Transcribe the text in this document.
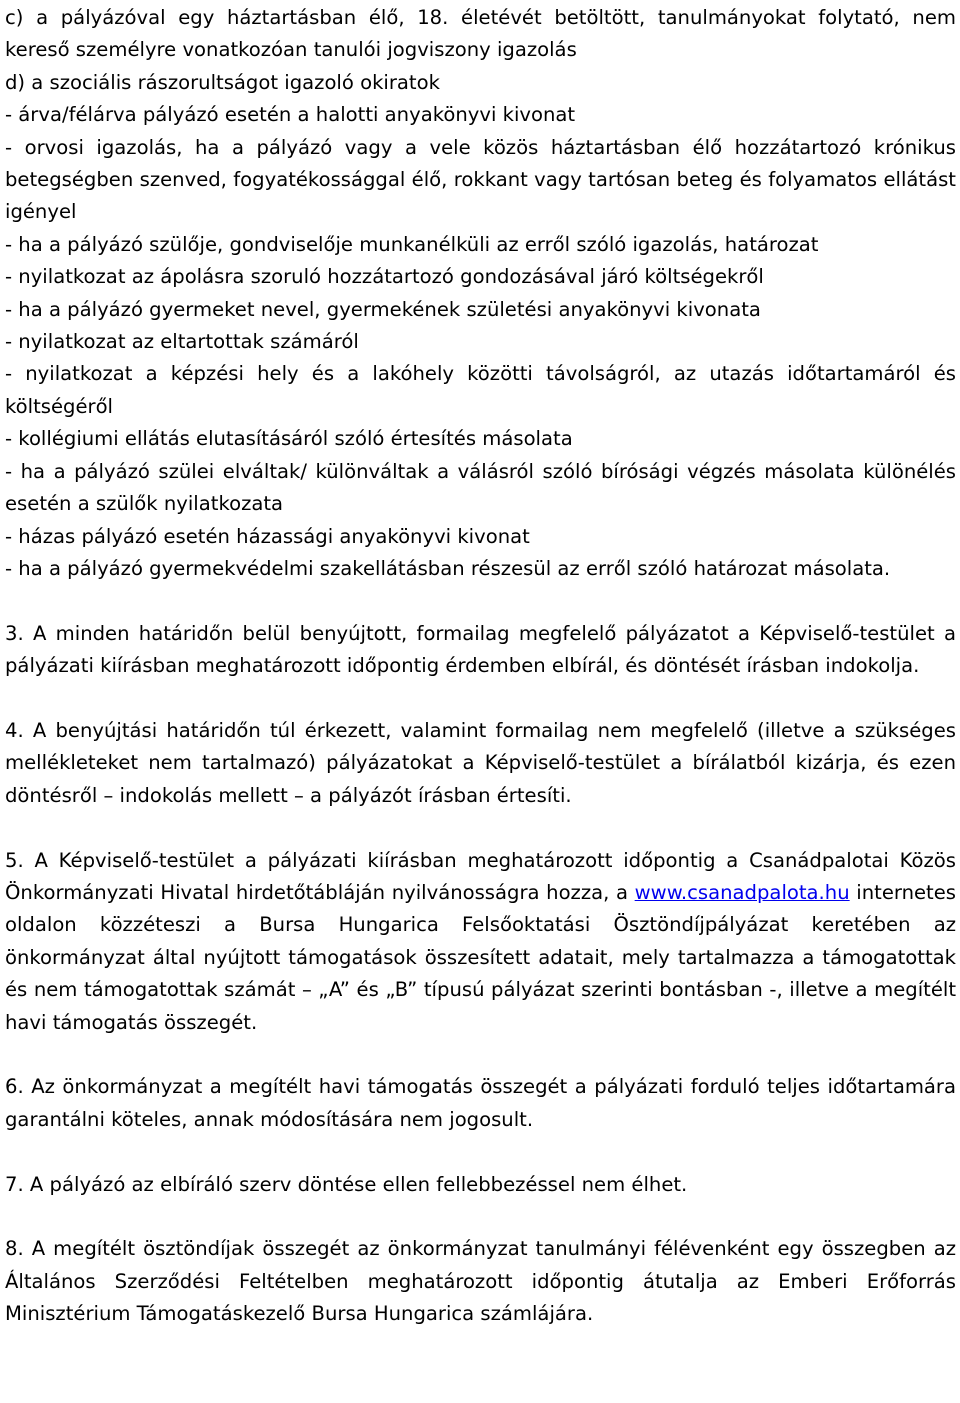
c) a pályázóval egy háztartásban élő, 18. életévét betöltött, tanulmányokat folytató, nem kereső személyre vonatkozóan tanulói jogviszony igazolás
d) a szociális rászorultságot igazoló okiratok
- árva/félárva pályázó esetén a halotti anyakönyvi kivonat
- orvosi igazolás, ha a pályázó vagy a vele közös háztartásban élő hozzátartozó krónikus betegségben szenved, fogyatékossággal élő, rokkant vagy tartósan beteg és folyamatos ellátást igényel
- ha a pályázó szülője, gondviselője munkanélküli az erről szóló igazolás, határozat
- nyilatkozat az ápolásra szoruló hozzátartozó gondozásával járó költségekről
- ha a pályázó gyermeket nevel, gyermekének születési anyakönyvi kivonata
- nyilatkozat az eltartottak számáról
- nyilatkozat a képzési hely és a lakóhely közötti távolságról, az utazás időtartamáról és költségéről
- kollégiumi ellátás elutasításáról szóló értesítés másolata
- ha a pályázó szülei elváltak/ különváltak a válásról szóló bírósági végzés másolata különélés esetén a szülők nyilatkozata
- házas pályázó esetén házassági anyakönyvi kivonat
- ha a pályázó gyermekvédelmi szakellátásban részesül az erről szóló határozat másolata.
3. A minden határidőn belül benyújtott, formailag megfelelő pályázatot a Képviselő-testület a pályázati kiírásban meghatározott időpontig érdemben elbírál, és döntését írásban indokolja.
4. A benyújtási határidőn túl érkezett, valamint formailag nem megfelelő (illetve a szükséges mellékleteket nem tartalmazó) pályázatokat a Képviselő-testület a bírálatból kizárja, és ezen döntésről – indokolás mellett – a pályázót írásban értesíti.
5. A Képviselő-testület a pályázati kiírásban meghatározott időpontig a Csanádpalotai Közös Önkormányzati Hivatal hirdetőtábláján nyilvánosságra hozza, a www.csanadpalota.hu internetes oldalon közzéteszi a Bursa Hungarica Felsőoktatási Ösztöndíjpályázat keretében az önkormányzat által nyújtott támogatások összesített adatait, mely tartalmazza a támogatottak és nem támogatottak számát – „A” és „B” típusú pályázat szerinti bontásban -, illetve a megítélt havi támogatás összegét.
6. Az önkormányzat a megítélt havi támogatás összegét a pályázati forduló teljes időtartamára garantálni köteles, annak módosítására nem jogosult.
7. A pályázó az elbíráló szerv döntése ellen fellebbezéssel nem élhet.
8. A megítélt ösztöndíjak összegét az önkormányzat tanulmányi félévenként egy összegben az Általános Szerződési Feltételben meghatározott időpontig átutalja az Emberi Erőforrás Minisztérium Támogatáskezelő Bursa Hungarica számlájára.
